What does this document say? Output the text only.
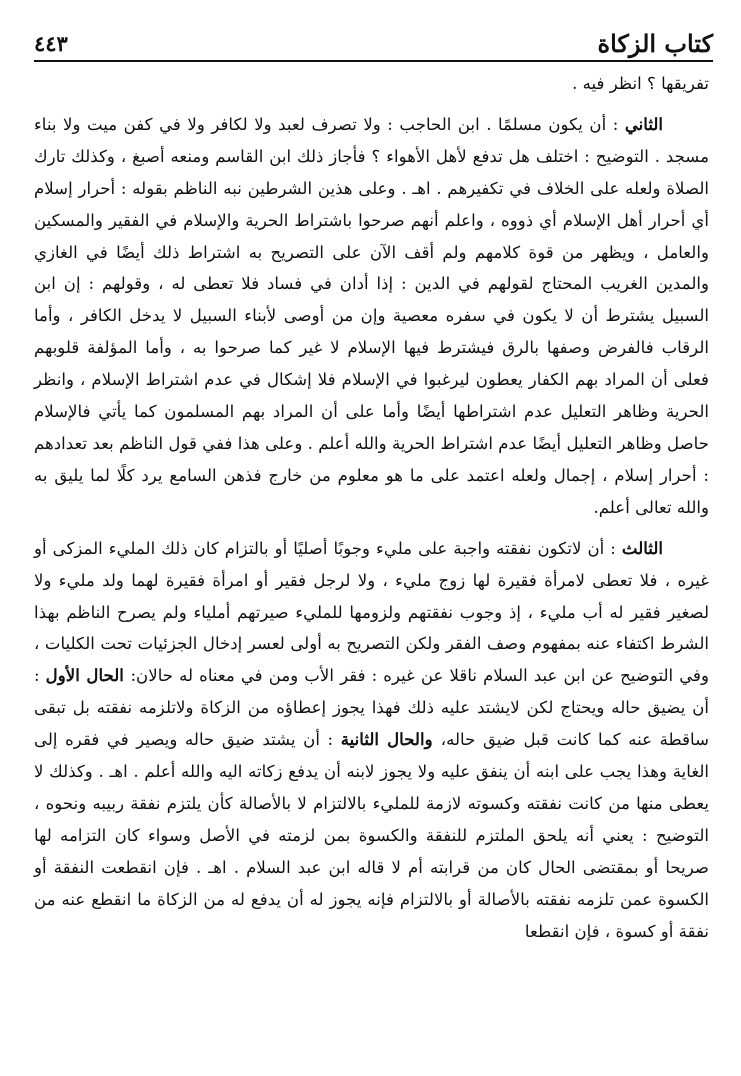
كتاب الزكاة
٤٤٣

تفريقها ؟ انظر فيه .

الثاني : أن يكون مسلمًا . ابن الحاجب : ولا تصرف لعبد ولا لكافر ولا في كفن ميت ولا بناء مسجد . التوضيح : اختلف هل تدفع لأهل الأهواء ؟ فأجاز ذلك ابن القاسم ومنعه أصبغ ، وكذلك تارك الصلاة ولعله على الخلاف في تكفيرهم . اهـ . وعلى هذين الشرطين نبه الناظم بقوله : أحرار إسلام أي أحرار أهل الإسلام أي ذووه ، واعلم أنهم صرحوا باشتراط الحرية والإسلام في الفقير والمسكين والعامل ، ويظهر من قوة كلامهم ولم أقف الآن على التصريح به اشتراط ذلك أيضًا في الغازي والمدين الغريب المحتاج لقولهم في الدين : إذا أدان في فساد فلا تعطى له ، وقولهم : إن ابن السبيل يشترط أن لا يكون في سفره معصية وإن من أوصى لأبناء السبيل لا يدخل الكافر ، وأما الرقاب فالفرض وصفها بالرق فيشترط فيها الإسلام لا غير كما صرحوا به ، وأما المؤلفة قلوبهم فعلى أن المراد بهم الكفار يعطون ليرغبوا في الإسلام فلا إشكال في عدم اشتراط الإسلام ، وانظر الحرية وظاهر التعليل عدم اشتراطها أيضًا وأما على أن المراد بهم المسلمون كما يأتي فالإسلام حاصل وظاهر التعليل أيضًا عدم اشتراط الحرية والله أعلم . وعلى هذا ففي قول الناظم بعد تعدادهم : أحرار إسلام ، إجمال ولعله اعتمد على ما هو معلوم من خارج فذهن السامع يرد كلًا لما يليق به والله تعالى أعلم.

الثالث : أن لاتكون نفقته واجبة على مليء وجوبًا أصليًا أو بالتزام كان ذلك المليء المزكى أو غيره ، فلا تعطى لامرأة فقيرة لها زوج مليء ، ولا لرجل فقير أو امرأة فقيرة لهما ولد مليء ولا لصغير فقير له أب مليء ، إذ وجوب نفقتهم ولزومها للمليء صيرتهم أملياء ولم يصرح الناظم بهذا الشرط اكتفاء عنه بمفهوم وصف الفقر ولكن التصريح به أولى لعسر إدخال الجزئيات تحت الكليات ، وفي التوضيح عن ابن عبد السلام ناقلا عن غيره : فقر الأب ومن في معناه له حالان: الحال الأول : أن يضيق حاله ويحتاج لكن لايشتد عليه ذلك فهذا يجوز إعطاؤه من الزكاة ولاتلزمه نفقته بل تبقى ساقطة عنه كما كانت قبل ضيق حاله، والحال الثانية : أن يشتد ضيق حاله ويصير في فقره إلى الغاية وهذا يجب على ابنه أن ينفق عليه ولا يجوز لابنه أن يدفع زكاته اليه والله أعلم . اهـ . وكذلك لا يعطى منها من كانت نفقته وكسوته لازمة للمليء بالالتزام لا بالأصالة كأن يلتزم نفقة ربيبه ونحوه ، التوضيح : يعني أنه يلحق الملتزم للنفقة والكسوة بمن لزمته في الأصل وسواء كان التزامه لها صريحا أو بمقتضى الحال كان من قرابته أم لا قاله ابن عبد السلام . اهـ . فإن انقطعت النفقة أو الكسوة عمن تلزمه نفقته بالأصالة أو بالالتزام فإنه يجوز له أن يدفع له من الزكاة ما انقطع عنه من نفقة أو كسوة ، فإن انقطعا
